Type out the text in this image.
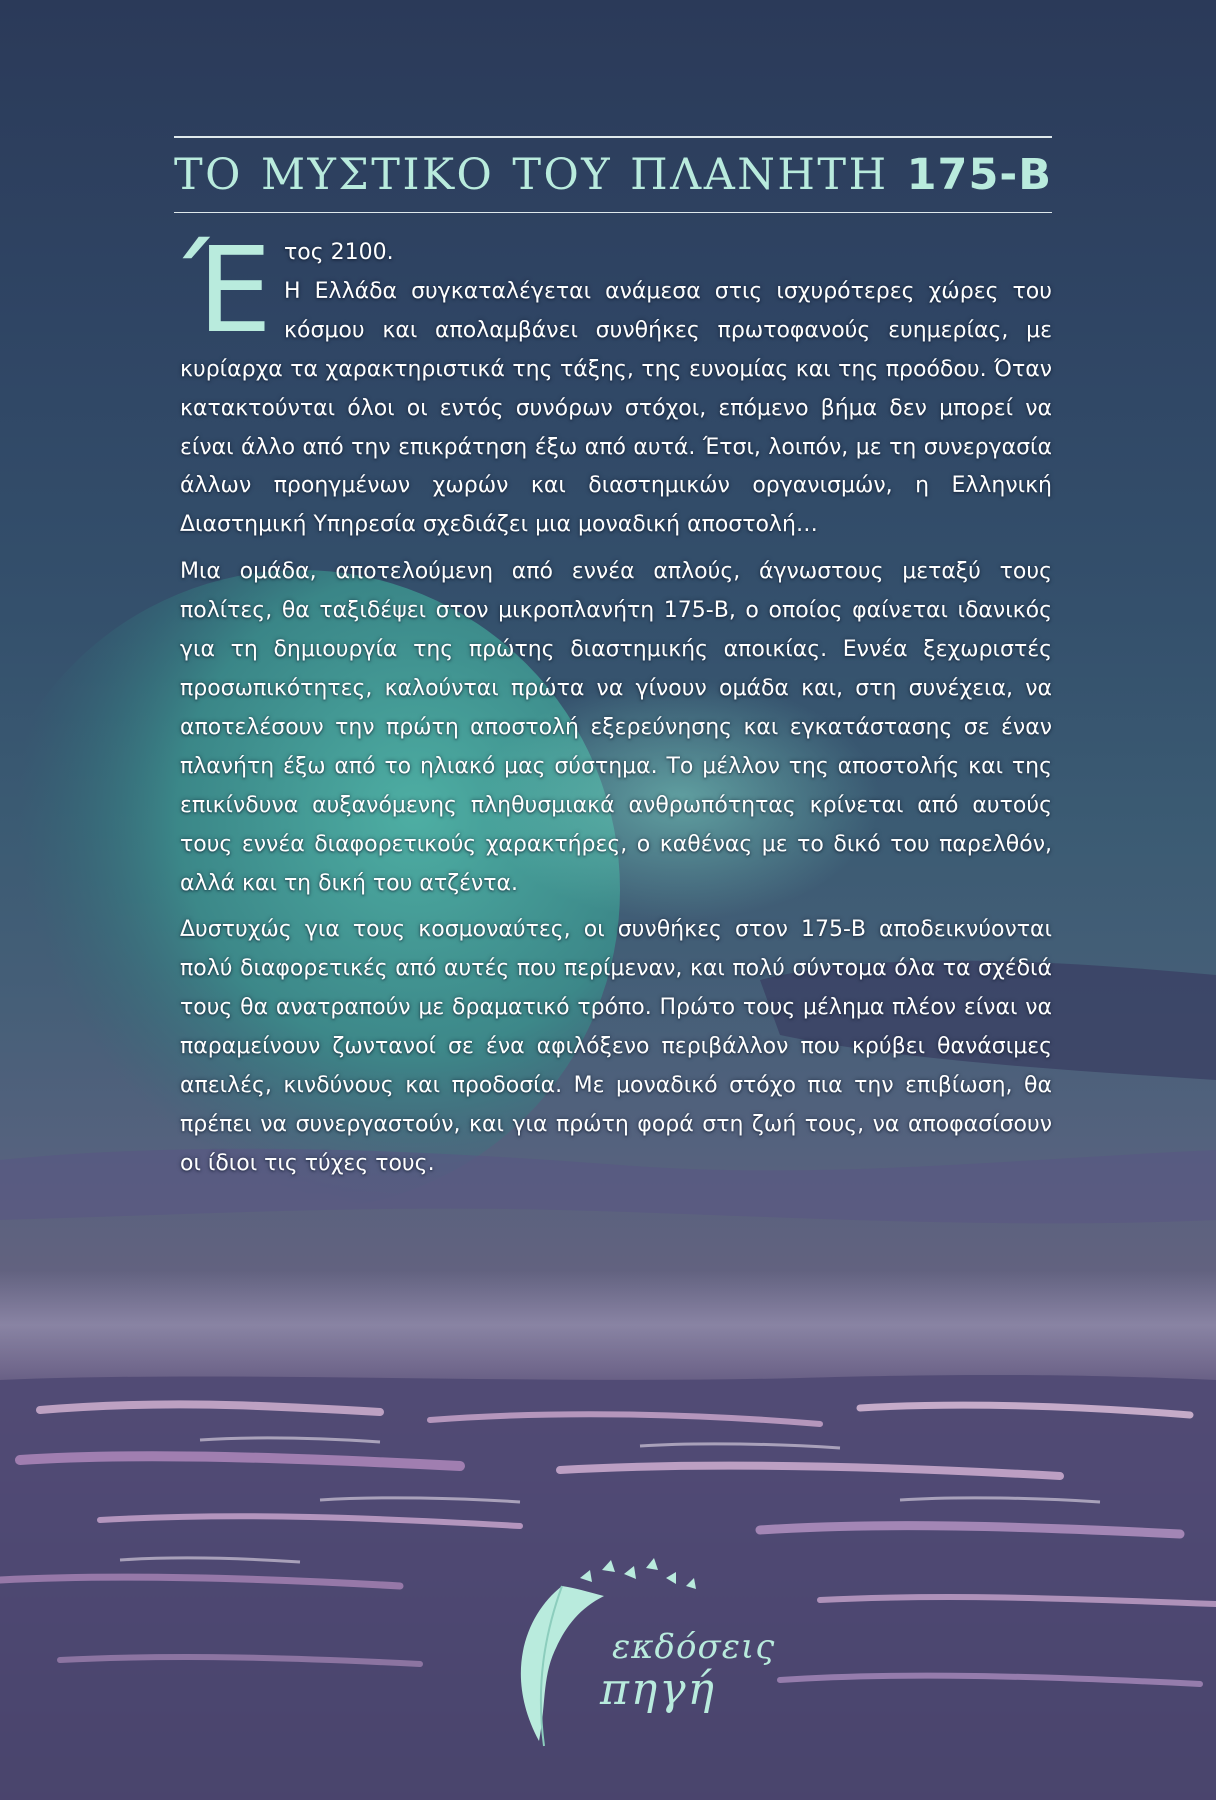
ΤΟ ΜΥΣΤΙΚΟ ΤΟΥ ΠΛΑΝΗΤΗ 175-Β

Έ τος 2100.
Η Ελλάδα συγκαταλέγεται ανάμεσα στις ισχυρότερες χώρες του κόσμου και απολαμβάνει συνθήκες πρωτοφανούς ευημερίας, με κυρίαρχα τα χαρακτηριστικά της τάξης, της ευνομίας και της προόδου. Όταν κατακτούνται όλοι οι εντός συνόρων στόχοι, επόμενο βήμα δεν μπορεί να είναι άλλο από την επικράτηση έξω από αυτά. Έτσι, λοιπόν, με τη συνεργασία άλλων προηγμένων χωρών και διαστημικών οργανισμών, η Ελληνική Διαστημική Υπηρεσία σχεδιάζει μια μοναδική αποστολή…

Μια ομάδα, αποτελούμενη από εννέα απλούς, άγνωστους μεταξύ τους πολίτες, θα ταξιδέψει στον μικροπλανήτη 175-Β, ο οποίος φαίνεται ιδανικός για τη δημιουργία της πρώτης διαστημικής αποικίας. Εννέα ξεχωριστές προσωπικότητες, καλούνται πρώτα να γίνουν ομάδα και, στη συνέχεια, να αποτελέσουν την πρώτη αποστολή εξερεύνησης και εγκατάστασης σε έναν πλανήτη έξω από το ηλιακό μας σύστημα. Το μέλλον της αποστολής και της επικίνδυνα αυξανόμενης πληθυσμιακά ανθρωπότητας κρίνεται από αυτούς τους εννέα διαφορετικούς χαρακτήρες, ο καθένας με το δικό του παρελθόν, αλλά και τη δική του ατζέντα.

Δυστυχώς για τους κοσμοναύτες, οι συνθήκες στον 175-Β αποδεικνύονται πολύ διαφορετικές από αυτές που περίμεναν, και πολύ σύντομα όλα τα σχέδιά τους θα ανατραπούν με δραματικό τρόπο. Πρώτο τους μέλημα πλέον είναι να παραμείνουν ζωντανοί σε ένα αφιλόξενο περιβάλλον που κρύβει θανάσιμες απειλές, κινδύνους και προδοσία. Με μοναδικό στόχο πια την επιβίωση, θα πρέπει να συνεργαστούν, και για πρώτη φορά στη ζωή τους, να αποφασίσουν οι ίδιοι τις τύχες τους.

εκδόσεις
πηγή
